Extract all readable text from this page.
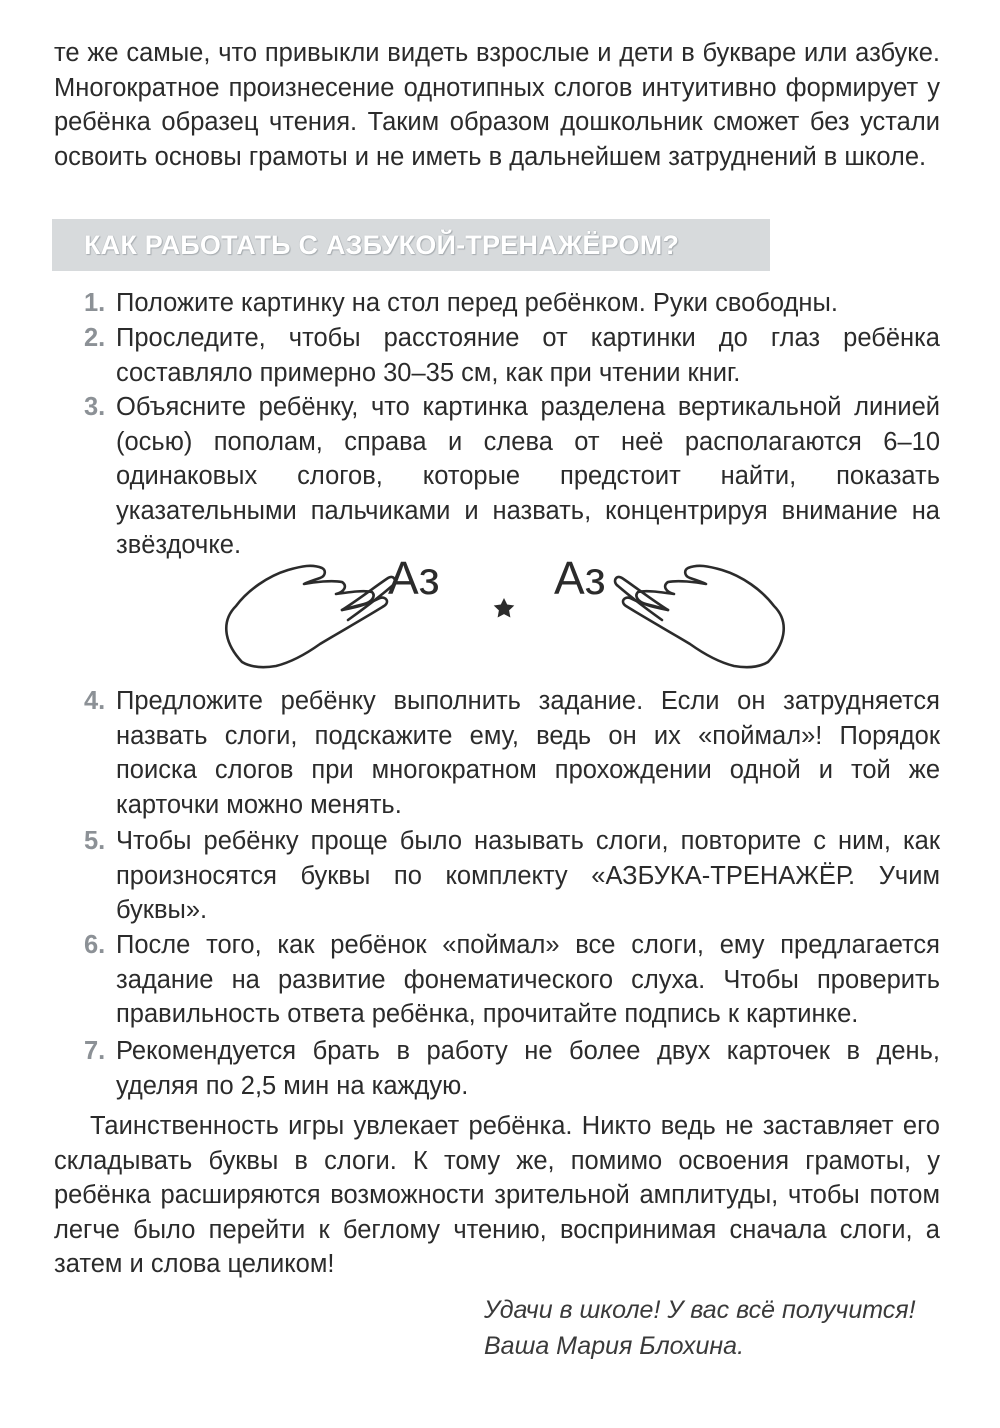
те же самые, что привыкли видеть взрослые и дети в букваре или азбуке. Многократное произнесение однотипных слогов интуитивно формирует у ребёнка образец чтения. Таким образом дошкольник сможет без устали освоить основы грамоты и не иметь в дальнейшем затруднений в школе.

КАК РАБОТАТЬ С АЗБУКОЙ-ТРЕНАЖЁРОМ?
1. Положите картинку на стол перед ребёнком. Руки свободны.
2. Проследите, чтобы расстояние от картинки до глаз ребёнка составляло примерно 30–35 см, как при чтении книг.
3. Объясните ребёнку, что картинка разделена вертикальной линией (осью) пополам, справа и слева от неё располагаются 6–10 одинаковых слогов, которые предстоит найти, показать указательными пальчиками и назвать, концентрируя внимание на звёздочке.
4. Предложите ребёнку выполнить задание. Если он затрудняется назвать слоги, подскажите ему, ведь он их «поймал»! Порядок поиска слогов при многократном прохождении одной и той же карточки можно менять.
5. Чтобы ребёнку проще было называть слоги, повторите с ним, как произносятся буквы по комплекту «АЗБУКА-ТРЕНАЖЁР. Учим буквы».
6. После того, как ребёнок «поймал» все слоги, ему предлагается задание на развитие фонематического слуха. Чтобы проверить правильность ответа ребёнка, прочитайте подпись к картинке.
7. Рекомендуется брать в работу не более двух карточек в день, уделяя по 2,5 мин на каждую.
Аз Аз

Таинственность игры увлекает ребёнка. Никто ведь не заставляет его складывать буквы в слоги. К тому же, помимо освоения грамоты, у ребёнка расширяются возможности зрительной амплитуды, чтобы потом легче было перейти к беглому чтению, воспринимая сначала слоги, а затем и слова целиком!

Удачи в школе! У вас всё получится!
Ваша Мария Блохина.
